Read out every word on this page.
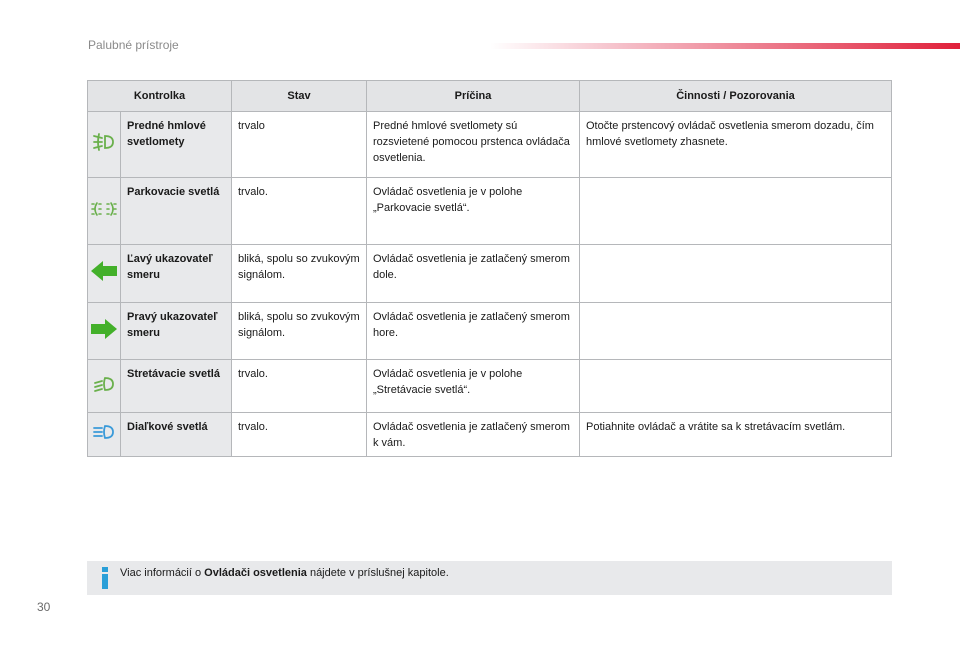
Palubné prístroje
Kontrolka		Stav	Príčina	Činnosti / Pozorovania
	Predné hmlové svetlomety	trvalo	Predné hmlové svetlomety sú rozsvietené pomocou prstenca ovládača osvetlenia.	Otočte prstencový ovládač osvetlenia smerom dozadu, čím hmlové svetlomety zhasnete.
	Parkovacie svetlá	trvalo.	Ovládač osvetlenia je v polohe „Parkovacie svetlá“.	
	Ľavý ukazovateľ smeru	bliká, spolu so zvukovým signálom.	Ovládač osvetlenia je zatlačený smerom dole.	
	Pravý ukazovateľ smeru	bliká, spolu so zvukovým signálom.	Ovládač osvetlenia je zatlačený smerom hore.	
	Stretávacie svetlá	trvalo.	Ovládač osvetlenia je v polohe „Stretávacie svetlá“.	
	Diaľkové svetlá	trvalo.	Ovládač osvetlenia je zatlačený smerom k vám.	Potiahnite ovládač a vrátite sa k stretávacím svetlám.
Viac informácií o Ovládači osvetlenia nájdete v príslušnej kapitole.
30
